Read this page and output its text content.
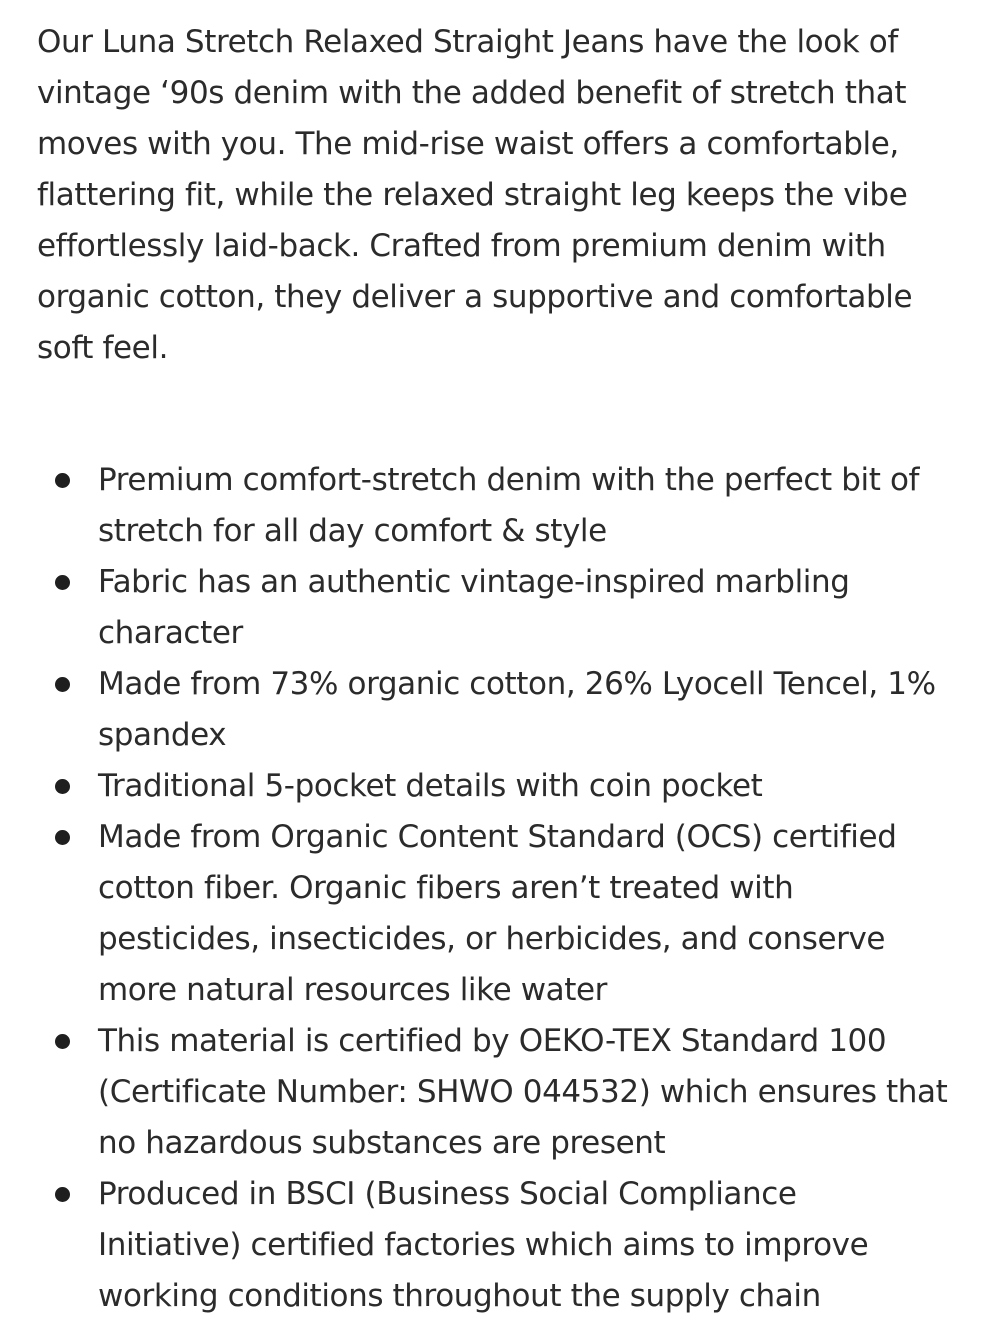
Our Luna Stretch Relaxed Straight Jeans have the look of vintage ‘90s denim with the added benefit of stretch that moves with you. The mid-rise waist offers a comfortable, flattering fit, while the relaxed straight leg keeps the vibe effortlessly laid-back. Crafted from premium denim with organic cotton, they deliver a supportive and comfortable soft feel.

Premium comfort-stretch denim with the perfect bit of stretch for all day comfort & style
Fabric has an authentic vintage-inspired marbling character
Made from 73% organic cotton, 26% Lyocell Tencel, 1% spandex
Traditional 5-pocket details with coin pocket
Made from Organic Content Standard (OCS) certified cotton fiber. Organic fibers aren’t treated with pesticides, insecticides, or herbicides, and conserve more natural resources like water
This material is certified by OEKO-TEX Standard 100 (Certificate Number: SHWO 044532) which ensures that no hazardous substances are present
Produced in BSCI (Business Social Compliance Initiative) certified factories which aims to improve working conditions throughout the supply chain
